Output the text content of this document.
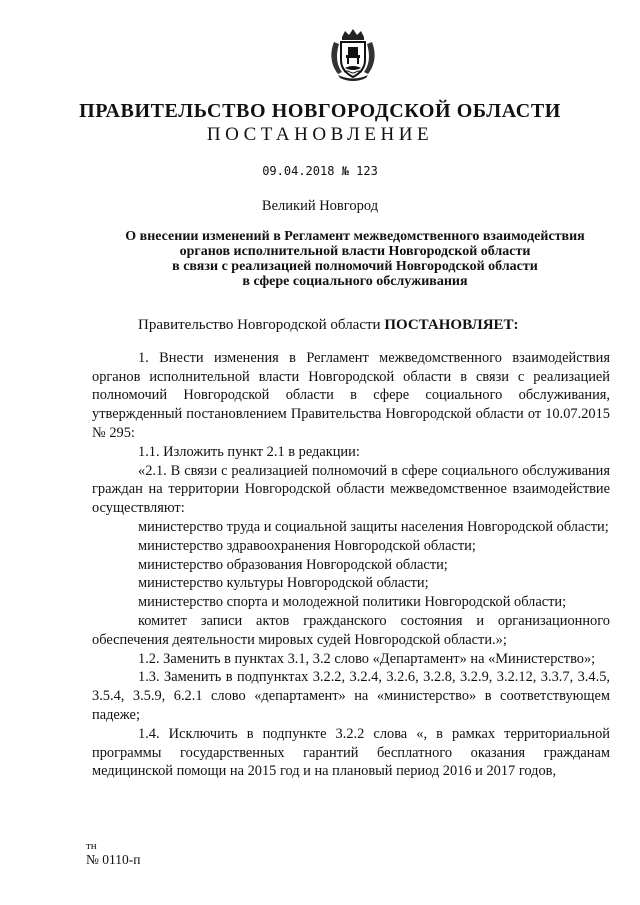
ПРАВИТЕЛЬСТВО НОВГОРОДСКОЙ ОБЛАСТИ
ПОСТАНОВЛЕНИЕ
09.04.2018 № 123
Великий Новгород
О внесении изменений в Регламент межведомственного взаимодействия
органов исполнительной власти Новгородской области
в связи с реализацией полномочий Новгородской области
в сфере социального обслуживания

Правительство Новгородской области ПОСТАНОВЛЯЕТ:

1. Внести изменения в Регламент межведомственного взаимодействия органов исполнительной власти Новгородской области в связи с реализацией полномочий Новгородской области в сфере социального обслуживания, утвержденный постановлением Правительства Новгородской области от 10.07.2015 № 295:

1.1. Изложить пункт 2.1 в редакции:

«2.1. В связи с реализацией полномочий в сфере социального обслуживания граждан на территории Новгородской области межведомственное взаимодействие осуществляют:

министерство труда и социальной защиты населения Новгородской области;

министерство здравоохранения Новгородской области;

министерство образования Новгородской области;

министерство культуры Новгородской области;

министерство спорта и молодежной политики Новгородской области;

комитет записи актов гражданского состояния и организационного обеспечения деятельности мировых судей Новгородской области.»;

1.2. Заменить в пунктах 3.1, 3.2 слово «Департамент» на «Министерство»;

1.3. Заменить в подпунктах 3.2.2, 3.2.4, 3.2.6, 3.2.8, 3.2.9, 3.2.12, 3.3.7, 3.4.5, 3.5.4, 3.5.9, 6.2.1 слово «департамент» на «министерство» в соответствующем падеже;

1.4. Исключить в подпункте 3.2.2 слова «, в рамках территориальной программы государственных гарантий бесплатного оказания гражданам медицинской помощи на 2015 год и на плановый период 2016 и 2017 годов,

тн
№ 0110-п
